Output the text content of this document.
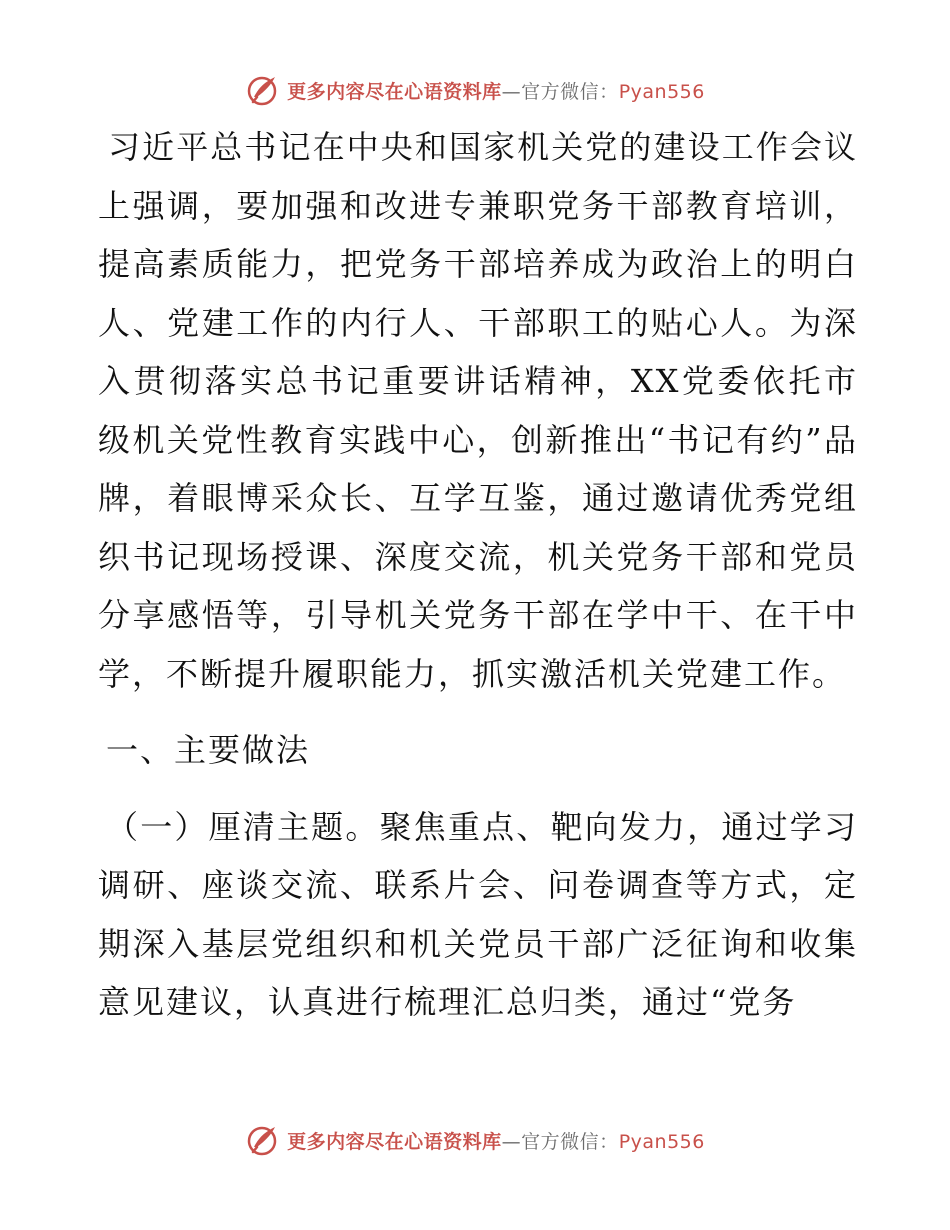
更多内容尽在心语资料库—官方微信：Pyan556

习近平总书记在中央和国家机关党的建设工作会议上强调，要加强和改进专兼职党务干部教育培训，提高素质能力，把党务干部培养成为政治上的明白人、党建工作的内行人、干部职工的贴心人。为深入贯彻落实总书记重要讲话精神，XX党委依托市级机关党性教育实践中心，创新推出“书记有约”品牌，着眼博采众长、互学互鉴，通过邀请优秀党组织书记现场授课、深度交流，机关党务干部和党员分享感悟等，引导机关党务干部在学中干、在干中学，不断提升履职能力，抓实激活机关党建工作。

一、主要做法

（一）厘清主题。聚焦重点、靶向发力，通过学习调研、座谈交流、联系片会、问卷调查等方式，定期深入基层党组织和机关党员干部广泛征询和收集意见建议，认真进行梳理汇总归类，通过“党务

更多内容尽在心语资料库—官方微信：Pyan556
